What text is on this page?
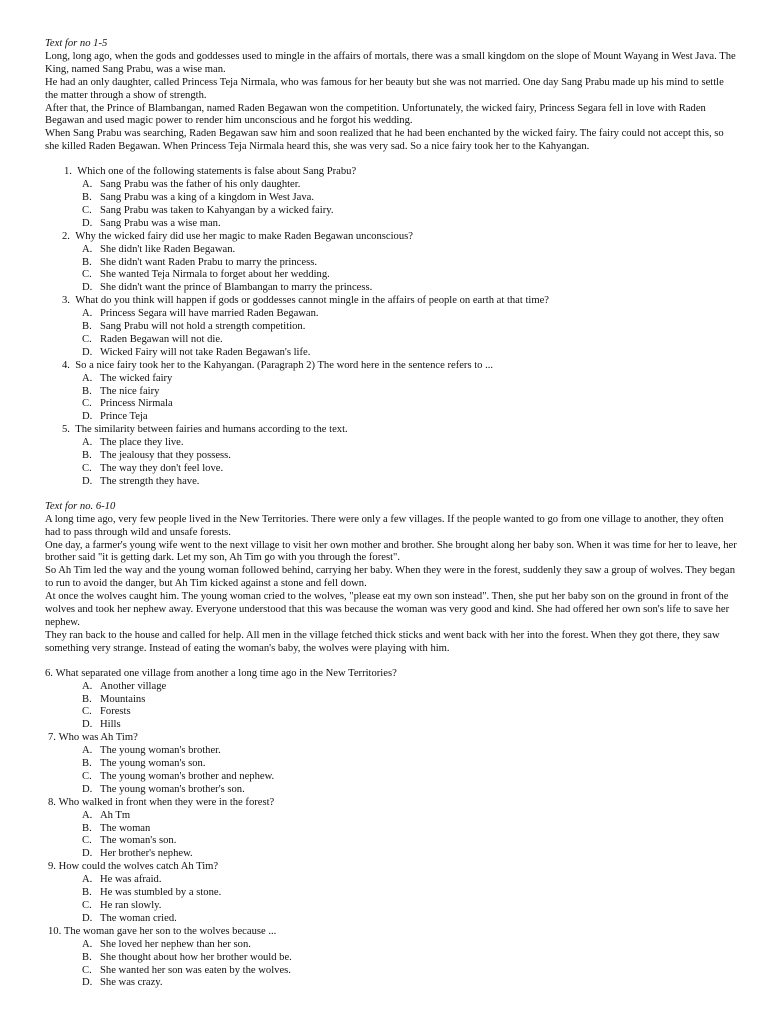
Text for no 1-5

Long, long ago, when the gods and goddesses used to mingle in the affairs of mortals, there was a small kingdom on the slope of Mount Wayang in West Java. The King, named Sang Prabu, was a wise man.

He had an only daughter, called Princess Teja Nirmala, who was famous for her beauty but she was not married. One day Sang Prabu made up his mind to settle the matter through a show of strength.

After that, the Prince of Blambangan, named Raden Begawan won the competition. Unfortunately, the wicked fairy, Princess Segara fell in love with Raden Begawan and used magic power to render him unconscious and he forgot his wedding.

When Sang Prabu was searching, Raden Begawan saw him and soon realized that he had been enchanted by the wicked fairy. The fairy could not accept this, so she killed Raden Begawan. When Princess Teja Nirmala heard this, she was very sad. So a nice fairy took her to the Kahyangan.

1. Which one of the following statements is false about Sang Prabu?

A. Sang Prabu was the father of his only daughter.
B. Sang Prabu was a king of a kingdom in West Java.
C. Sang Prabu was taken to Kahyangan by a wicked fairy.
D. Sang Prabu was a wise man.

2. Why the wicked fairy did use her magic to make Raden Begawan unconscious?

A. She didn't like Raden Begawan.
B. She didn't want Raden Prabu to marry the princess.
C. She wanted Teja Nirmala to forget about her wedding.
D. She didn't want the prince of Blambangan to marry the princess.

3. What do you think will happen if gods or goddesses cannot mingle in the affairs of people on earth at that time?

A. Princess Segara will have married Raden Begawan.
B. Sang Prabu will not hold a strength competition.
C. Raden Begawan will not die.
D. Wicked Fairy will not take Raden Begawan's life.

4. So a nice fairy took her to the Kahyangan. (Paragraph 2) The word here in the sentence refers to ...

A. The wicked fairy
B. The nice fairy
C. Princess Nirmala
D. Prince Teja

5. The similarity between fairies and humans according to the text.

A. The place they live.
B. The jealousy that they possess.
C. The way they don't feel love.
D. The strength they have.

Text for no. 6-10

A long time ago, very few people lived in the New Territories. There were only a few villages. If the people wanted to go from one village to another, they often had to pass through wild and unsafe forests.

One day, a farmer's young wife went to the next village to visit her own mother and brother. She brought along her baby son. When it was time for her to leave, her brother said "it is getting dark. Let my son, Ah Tim go with you through the forest".

So Ah Tim led the way and the young woman followed behind, carrying her baby. When they were in the forest, suddenly they saw a group of wolves. They began to run to avoid the danger, but Ah Tim kicked against a stone and fell down.

At once the wolves caught him. The young woman cried to the wolves, "please eat my own son instead". Then, she put her baby son on the ground in front of the wolves and took her nephew away. Everyone understood that this was because the woman was very good and kind. She had offered her own son's life to save her nephew.

They ran back to the house and called for help. All men in the village fetched thick sticks and went back with her into the forest. When they got there, they saw something very strange. Instead of eating the woman's baby, the wolves were playing with him.

6. What separated one village from another a long time ago in the New Territories?

A. Another village
B. Mountains
C. Forests
D. Hills

7. Who was Ah Tim?

A. The young woman's brother.
B. The young woman's son.
C. The young woman's brother and nephew.
D. The young woman's brother's son.

8. Who walked in front when they were in the forest?

A. Ah Tm
B. The woman
C. The woman's son.
D. Her brother's nephew.

9. How could the wolves catch Ah Tim?

A. He was afraid.
B. He was stumbled by a stone.
C. He ran slowly.
D. The woman cried.

10. The woman gave her son to the wolves because ...

A. She loved her nephew than her son.
B. She thought about how her brother would be.
C. She wanted her son was eaten by the wolves.
D. She was crazy.
